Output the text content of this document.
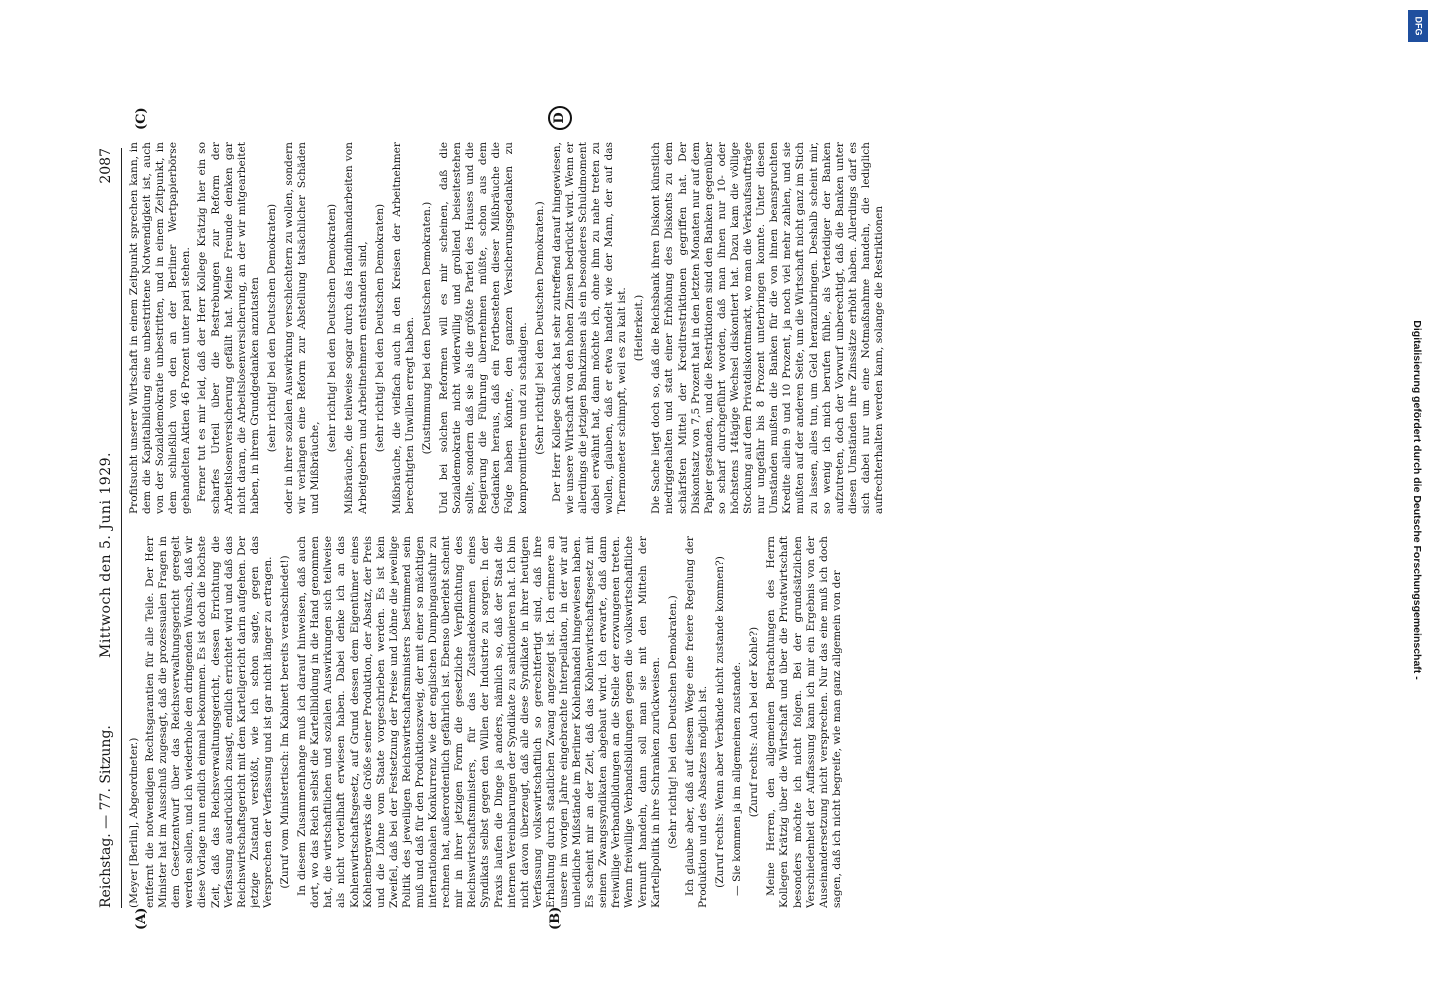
Reichstag. — 77. Sitzung.
Mittwoch den 5. Juni 1929.
2087
(A)	(B)
(C)	D

(Meyer [Berlin], Abgeordneter.) entfernt die notwendigen Rechtsgarantien für alle Teile. Der Herr Minister hat im Ausschuß zugesagt, daß die prozessualen Fragen in dem Gesetzentwurf über das Reichsverwaltungsgericht geregelt werden sollen, und ich wiederhole den dringenden Wunsch, daß wir diese Vorlage nun endlich einmal bekommen. Es ist doch die höchste Zeit, daß das Reichsverwaltungsgericht, dessen Errichtung die Verfassung ausdrücklich zusagt, endlich errichtet wird und daß das Reichswirtschaftsgericht mit dem Kartellgericht darin aufgehen. Der jetzige Zustand verstößt, wie ich schon sagte, gegen das Versprechen der Verfassung und ist gar nicht länger zu ertragen. (Zuruf vom Ministertisch: Im Kabinett bereits verabschiedet!) In diesem Zusammenhange muß ich darauf hinweisen, daß auch dort, wo das Reich selbst die Kartellbildung in die Hand genommen hat, die wirtschaftlichen und sozialen Auswirkungen sich teilweise als nicht vorteilhaft erwiesen haben. Dabei denke ich an das Kohlenwirtschaftsgesetz, auf Grund dessen dem Eigentümer eines Kohlenbergwerks die Größe seiner Produktion, der Absatz, der Preis und die Löhne vom Staate vorgeschrieben werden. Es ist kein Zweifel, daß bei der Festsetzung der Preise und Löhne die jeweilige Politik des jeweiligen Reichswirtschaftsministers bestimmend sein muß und daß für den Produktionszweig, der mit einer so mächtigen internationalen Konkurrenz wie der englischen Dumpingausfuhr zu rechnen hat, außerordentlich gefährlich ist. Ebenso überlebt scheint mir in ihrer jetzigen Form die gesetzliche Verpflichtung des Reichswirtschaftsministers, für das Zustandekommen eines Syndikats selbst gegen den Willen der Industrie zu sorgen. In der Praxis laufen die Dinge ja anders, nämlich so, daß der Staat die internen Vereinbarungen der Syndikate zu sanktionieren hat. Ich bin nicht davon überzeugt, daß alle diese Syndikate in ihrer heutigen Verfassung volkswirtschaftlich so gerechtfertigt sind, daß ihre Erhaltung durch staatlichen Zwang angezeigt ist. Ich erinnere an unsere im vorigen Jahre eingebrachte Interpellation, in der wir auf unleidliche Mißstände im Berliner Kohlenhandel hingewiesen haben. Es scheint mir an der Zeit, daß das Kohlenwirtschaftsgesetz mit seinen Zwangssyndikaten abgebaut wird. Ich erwarte, daß dann freiwillige Verbandbildungen an die Stelle der erzwungenen treten. Wenn freiwillige Verbandsbildungen gegen die volkswirtschaftliche Vernunft handeln, dann soll man sie mit den Mitteln der Kartellpolitik in ihre Schranken zurückweisen. (Sehr richtig! bei den Deutschen Demokraten.) Ich glaube aber, daß auf diesem Wege eine freiere Regelung der Produktion und des Absatzes möglich ist. (Zuruf rechts: Wenn aber Verbände nicht zustande kommen?) — Sie kommen ja im allgemeinen zustande. (Zuruf rechts: Auch bei der Kohle?) Meine Herren, den allgemeinen Betrachtungen des Herrn Kollegen Krätzig über die Wirtschaft und über die Privatwirtschaft besonders möchte ich nicht folgen. Bei der grundsätzlichen Verschiedenheit der Auffassung kann ich mir ein Ergebnis von der Auseinandersetzung nicht versprechen. Nur das eine muß ich doch sagen, daß ich nicht begreife, wie man ganz allgemein von der

Profitsucht unserer Wirtschaft in einem Zeitpunkt sprechen kann, in dem die Kapitalbildung eine unbestrittene Notwendigkeit ist, auch von der Sozialdemokratie unbestritten, und in einem Zeitpunkt, in dem schließlich von den an der Berliner Wertpapierbörse gehandelten Aktien 46 Prozent unter pari stehen. Ferner tut es mir leid, daß der Herr Kollege Krätzig hier ein so scharfes Urteil über die Bestrebungen zur Reform der Arbeitslosenversicherung gefällt hat. Meine Freunde denken gar nicht daran, die Arbeitslosenversicherung, an der wir mitgearbeitet haben, in ihrem Grundgedanken anzutasten (sehr richtig! bei den Deutschen Demokraten) oder in ihrer sozialen Auswirkung verschlechtern zu wollen, sondern wir verlangen eine Reform zur Abstellung tatsächlicher Schäden und Mißbräuche,

(sehr richtig! bei den Deutschen Demokraten) Mißbräuche, die teilweise sogar durch das Handinhandarbeiten von Arbeitgebern und Arbeitnehmern entstanden sind, (sehr richtig! bei den Deutschen Demokraten) Mißbräuche, die vielfach auch in den Kreisen der Arbeitnehmer berechtigten Unwillen erregt haben. (Zustimmung bei den Deutschen Demokraten.) Und bei solchen Reformen will es mir scheinen, daß die Sozialdemokratie nicht widerwillig und grollend beiseitestehen sollte, sondern daß sie als die größte Partei des Hauses und die Regierung die Führung übernehmen müßte, schon aus dem Gedanken heraus, daß ein Fortbestehen dieser Mißbräuche die Folge haben könnte, den ganzen Versicherungsgedanken zu kompromittieren und zu schädigen. (Sehr richtig! bei den Deutschen Demokraten.) Der Herr Kollege Schlack hat sehr zutreffend darauf hingewiesen, wie unsere Wirtschaft von den hohen Zinsen bedrückt wird. Wenn er allerdings die jetzigen Bankzinsen als ein besonderes Schuldmoment dabei erwähnt hat, dann möchte ich, ohne ihm zu nahe treten zu wollen, glauben, daß er etwa handelt wie der Mann, der auf das Thermometer schimpft, weil es zu kalt ist. (Heiterkeit.) Die Sache liegt doch so, daß die Reichsbank ihren Diskont künstlich niedriggehalten und statt einer Erhöhung des Diskonts zu dem schärfsten Mittel der Kreditrestriktionen gegriffen hat. Der Diskontsatz von 7,5 Prozent hat in den letzten Monaten nur auf dem Papier gestanden, und die Restriktionen sind den Banken gegenüber so scharf durchgeführt worden, daß man ihnen nur 10- oder höchstens 14tägige Wechsel diskontiert hat. Dazu kam die völlige Stockung auf dem Privatdiskontmarkt, wo man die Verkaufsaufträge nur ungefähr bis 8 Prozent unterbringen konnte. Unter diesen Umständen mußten die Banken für die von ihnen beanspruchten Kredite allein 9 und 10 Prozent, ja noch viel mehr zahlen, und sie mußten auf der anderen Seite, um die Wirtschaft nicht ganz im Stich zu lassen, alles tun, um Geld heranzubringen. Deshalb scheint mir, so wenig ich mich berufen fühle, als Verteidiger der Banken aufzutreten, doch der Vorwurf unberechtigt, daß die Banken unter diesen Umständen ihre Zinssätze erhöht haben. Allerdings darf es sich dabei nur um eine Notmaßnahme handeln, die lediglich aufrechterhalten werden kann, solange die Restriktionen

DFG
Digitalisierung gefördert durch die Deutsche Forschungsgemeinschaft -
